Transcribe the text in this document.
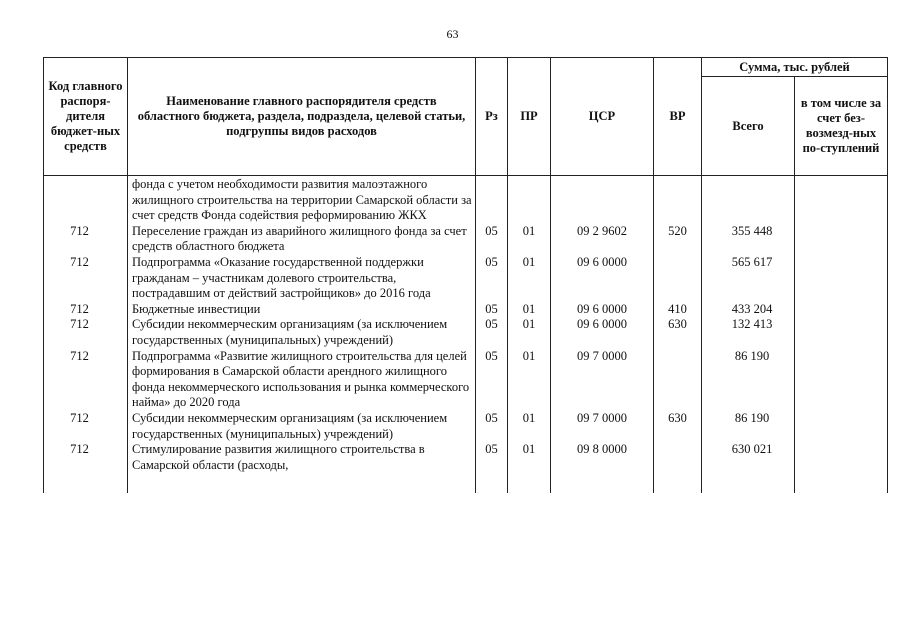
63
Код главного распоря-дителя бюджет-ных средств	Наименование главного распорядителя средств областного бюджета, раздела, подраздела, целевой статьи, подгруппы видов расходов	Рз	ПР	ЦСР	ВР	Сумма, тыс. рублей	
						Всего	в том числе за счет без-возмезд-ных по-ступлений
	фонда с учетом необходимости развития малоэтажного жилищного строительства на территории Самарской области за счет средств Фонда содействия реформированию ЖКХ						
712	Переселение граждан из аварийного жилищного фонда за счет средств областного бюджета	05	01	09 2 9602	520	355 448	
712	Подпрограмма «Оказание государственной поддержки гражданам – участникам долевого строительства, пострадавшим от действий застройщиков» до 2016 года	05	01	09 6 0000		565 617	
712	Бюджетные инвестиции	05	01	09 6 0000	410	433 204	
712	Субсидии некоммерческим организациям (за исключением государственных (муниципальных) учреждений)	05	01	09 6 0000	630	132 413	
712	Подпрограмма «Развитие жилищного строительства для целей формирования в Самарской области арендного жилищного фонда некоммерческого использования и рынка коммерческого найма» до 2020 года	05	01	09 7 0000		86 190	
712	Субсидии некоммерческим организациям (за исключением государственных (муниципальных) учреждений)	05	01	09 7 0000	630	86 190	
712	Стимулирование развития жилищного строительства в Самарской области (расходы,	05	01	09 8 0000		630 021	
